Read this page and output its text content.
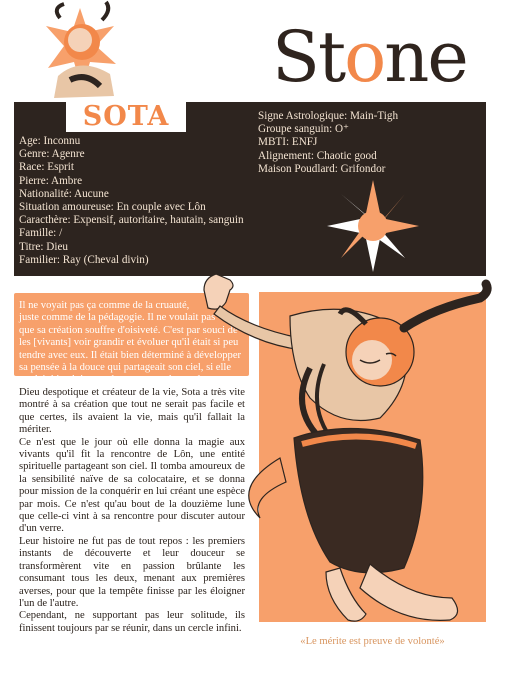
Stone
SOTA
Age: Inconnu
Genre: Agenre
Race: Esprit
Pierre: Ambre
Nationalité: Aucune
Situation amoureuse: En couple avec Lôn
Caracthère: Expensif, autoritaire, hautain, sanguin
Famille: /
Titre: Dieu
Familier: Ray (Cheval divin)
Signe Astrologique: Main-Tigh
Groupe sanguin: O⁺
MBTI: ENFJ
Alignement: Chaotic good
Maison Poudlard: Grifondor

Il ne voyait pas ça comme de la cruauté,

juste comme de la pédagogie. Il ne voulait pas

que sa création souffre d'oisiveté. C'est par souci de

les [vivants] voir grandir et évoluer qu'il était si peu

tendre avec eux. Il était bien déterminé à développer

sa pensée à la douce qui partageait son ciel, si elle

voulait bien lui accorder un temps de parole.

Dieu despotique et créateur de la vie, Sota a très vite montré à sa création que tout ne serait pas facile et que certes, ils avaient la vie, mais qu'il fallait la mériter.

Ce n'est que le jour où elle donna la magie aux vivants qu'il fit la rencontre de Lôn, une entité spirituelle partageant son ciel. Il tomba amoureux de la sensibilité naïve de sa colocataire, et se donna pour mission de la conquérir en lui créant une espèce par mois. Ce n'est qu'au bout de la douzième lune que celle-ci vint à sa rencontre pour discuter autour d'un verre.

Leur histoire ne fut pas de tout repos : les premiers instants de découverte et leur douceur se transformèrent vite en passion brûlante les consumant tous les deux, menant aux premières averses, pour que la tempête finisse par les éloigner l'un de l'autre.

Cependant, ne supportant pas leur solitude, ils finissent toujours par se réunir, dans un cercle infini.

«Le mérite est preuve de volonté»
